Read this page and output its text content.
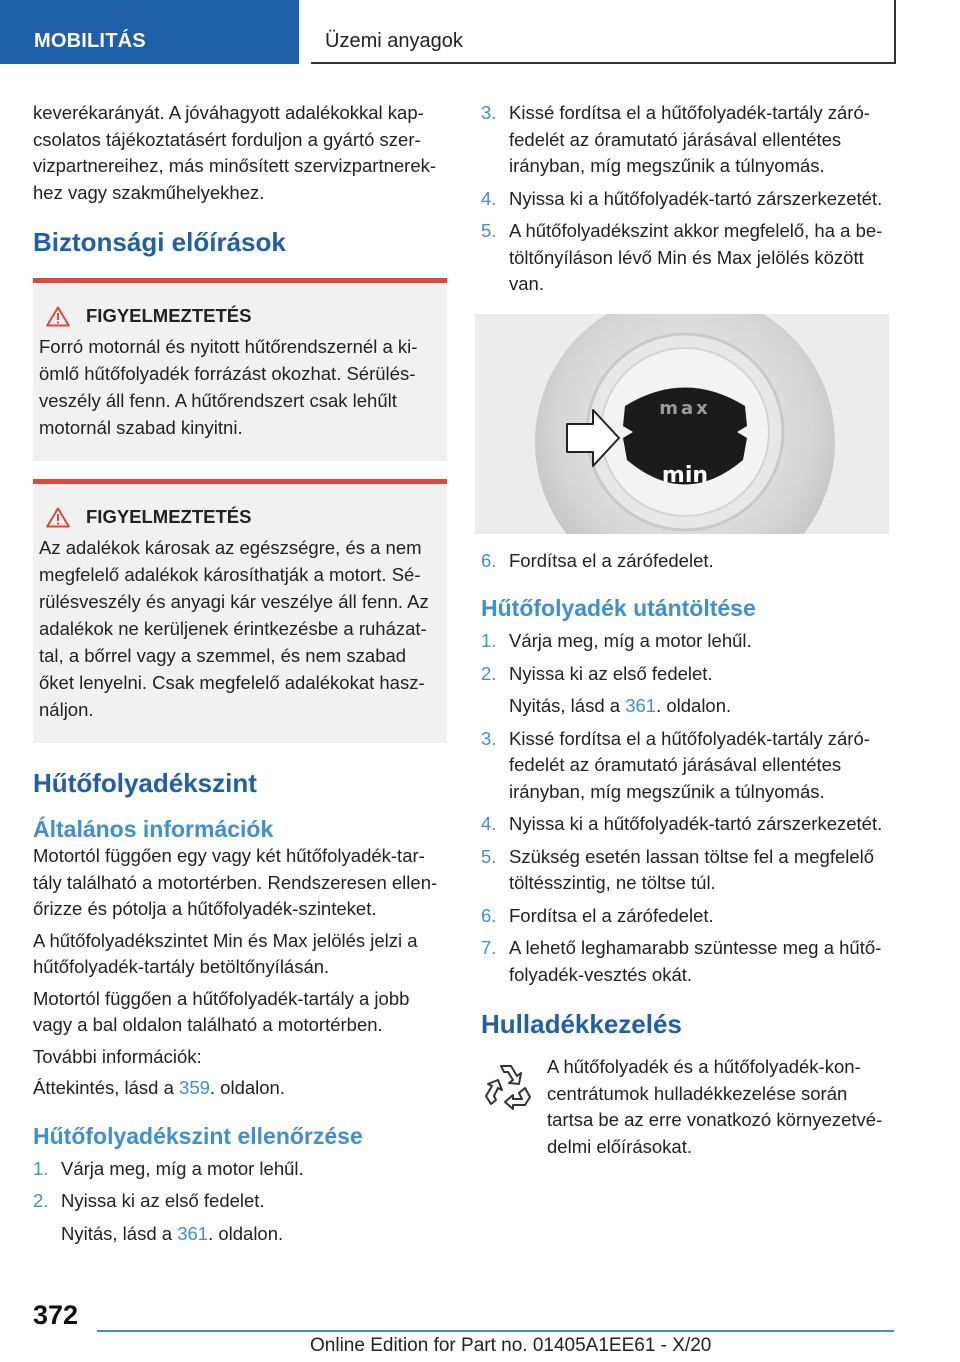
MOBILITÁS	Üzemi anyagok

keverékarányát. A jóváhagyott adalékokkal kapcsolatos tájékoztatásért forduljon a gyártó szervizpartnereihez, más minősített szervizpartnerekhez vagy szakműhelyekhez.

Biztonsági előírások
FIGYELMEZTETÉS

Forró motornál és nyitott hűtőrendszernél a kiömlő hűtőfolyadék forrázást okozhat. Sérülésveszély áll fenn. A hűtőrendszert csak lehűlt motornál szabad kinyitni.

FIGYELMEZTETÉS

Az adalékok károsak az egészségre, és a nem megfelelő adalékok károsíthatják a motort. Sérülésveszély és anyagi kár veszélye áll fenn. Az adalékok ne kerüljenek érintkezésbe a ruházattal, a bőrrel vagy a szemmel, és nem szabad őket lenyelni. Csak megfelelő adalékokat használjon.

Hűtőfolyadékszint
Általános információk

Motortól függően egy vagy két hűtőfolyadék-tartály található a motortérben. Rendszeresen ellenőrizze és pótolja a hűtőfolyadék-szinteket.

A hűtőfolyadékszintet Min és Max jelölés jelzi a hűtőfolyadék-tartály betöltőnyílásán.

Motortól függően a hűtőfolyadék-tartály a jobb vagy a bal oldalon található a motortérben.

További információk:

Áttekintés, lásd a 359. oldalon.

Hűtőfolyadékszint ellenőrzése
1. Várja meg, míg a motor lehűl.
2. Nyissa ki az első fedelet.
Nyitás, lásd a 361. oldalon.
3. Kissé fordítsa el a hűtőfolyadék-tartály zárófedelét az óramutató járásával ellentétes irányban, míg megszűnik a túlnyomás.
4. Nyissa ki a hűtőfolyadék-tartó zárszerkezetét.
5. A hűtőfolyadékszint akkor megfelelő, ha a betöltőnyíláson lévő Min és Max jelölés között van.
max
min
6. Fordítsa el a zárófedelet.
Hűtőfolyadék utántöltése
1. Várja meg, míg a motor lehűl.
2. Nyissa ki az első fedelet.
Nyitás, lásd a 361. oldalon.
3. Kissé fordítsa el a hűtőfolyadék-tartály zárófedelét az óramutató járásával ellentétes irányban, míg megszűnik a túlnyomás.
4. Nyissa ki a hűtőfolyadék-tartó zárszerkezetét.
5. Szükség esetén lassan töltse fel a megfelelő töltésszintig, ne töltse túl.
6. Fordítsa el a zárófedelet.
7. A lehető leghamarabb szüntesse meg a hűtőfolyadék-vesztés okát.
Hulladékkezelés

A hűtőfolyadék és a hűtőfolyadék-koncentrátumok hulladékkezelése során tartsa be az erre vonatkozó környezetvédelmi előírásokat.

372
Online Edition for Part no. 01405A1EE61 - X/20
